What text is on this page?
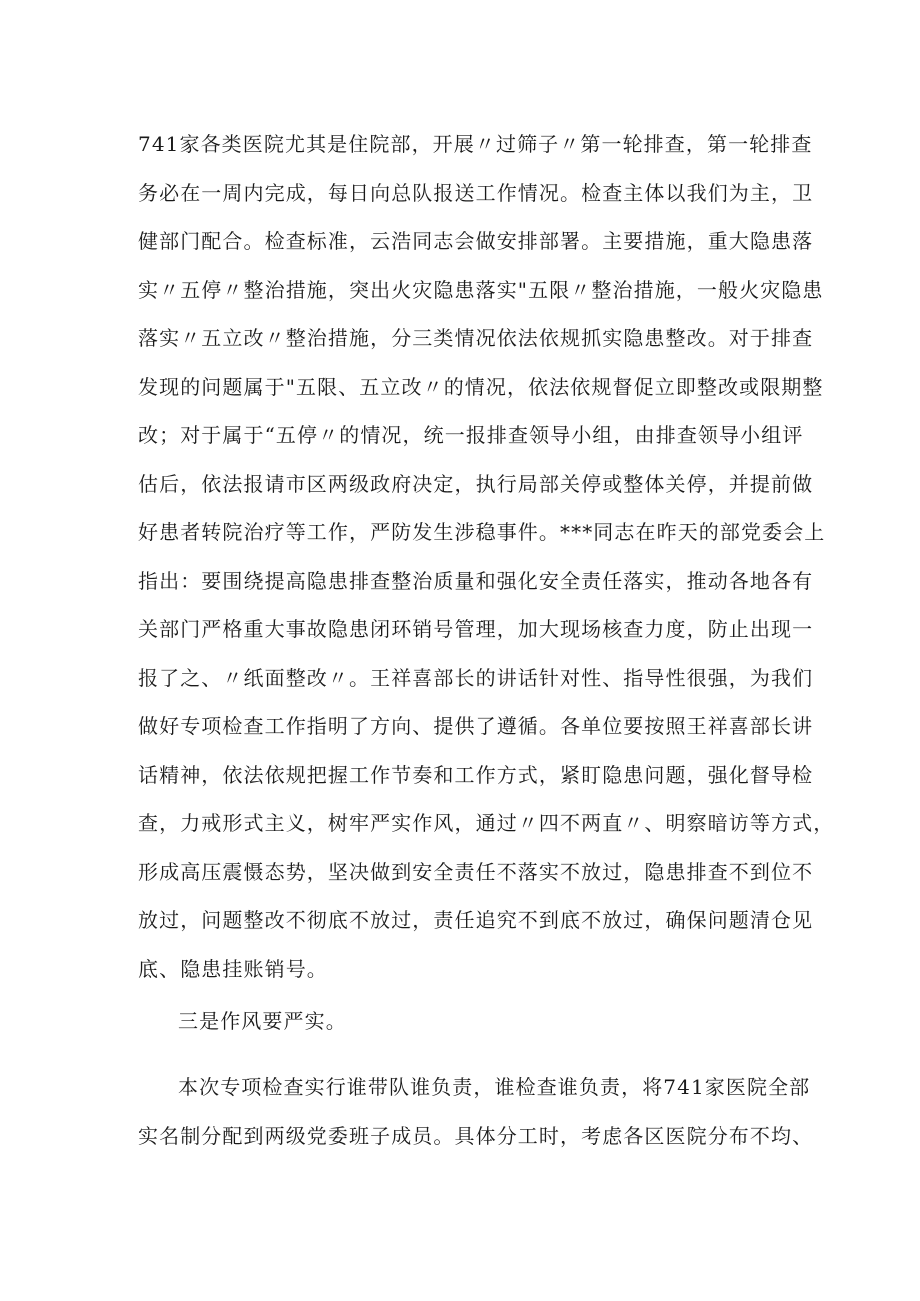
741家各类医院尤其是住院部，开展〃过筛子〃第一轮排查，第一轮排查
务必在一周内完成，每日向总队报送工作情况。检查主体以我们为主，卫
健部门配合。检查标准，云浩同志会做安排部署。主要措施，重大隐患落
实〃五停〃整治措施，突出火灾隐患落实"五限〃整治措施，一般火灾隐患
落实〃五立改〃整治措施，分三类情况依法依规抓实隐患整改。对于排查
发现的问题属于"五限、五立改〃的情况，依法依规督促立即整改或限期整
改；对于属于“五停〃的情况，统一报排查领导小组，由排查领导小组评
估后，依法报请市区两级政府决定，执行局部关停或整体关停，并提前做
好患者转院治疗等工作，严防发生涉稳事件。***同志在昨天的部党委会上
指出：要围绕提高隐患排查整治质量和强化安全责任落实，推动各地各有
关部门严格重大事故隐患闭环销号管理，加大现场核查力度，防止出现一
报了之、〃纸面整改〃。王祥喜部长的讲话针对性、指导性很强，为我们
做好专项检查工作指明了方向、提供了遵循。各单位要按照王祥喜部长讲
话精神，依法依规把握工作节奏和工作方式，紧盯隐患问题，强化督导检
查，力戒形式主义，树牢严实作风，通过〃四不两直〃、明察暗访等方式，
形成高压震慑态势，坚决做到安全责任不落实不放过，隐患排查不到位不
放过，问题整改不彻底不放过，责任追究不到底不放过，确保问题清仓见
底、隐患挂账销号。
三是作风要严实。
本次专项检查实行谁带队谁负责，谁检查谁负责，将741家医院全部
实名制分配到两级党委班子成员。具体分工时，考虑各区医院分布不均、
